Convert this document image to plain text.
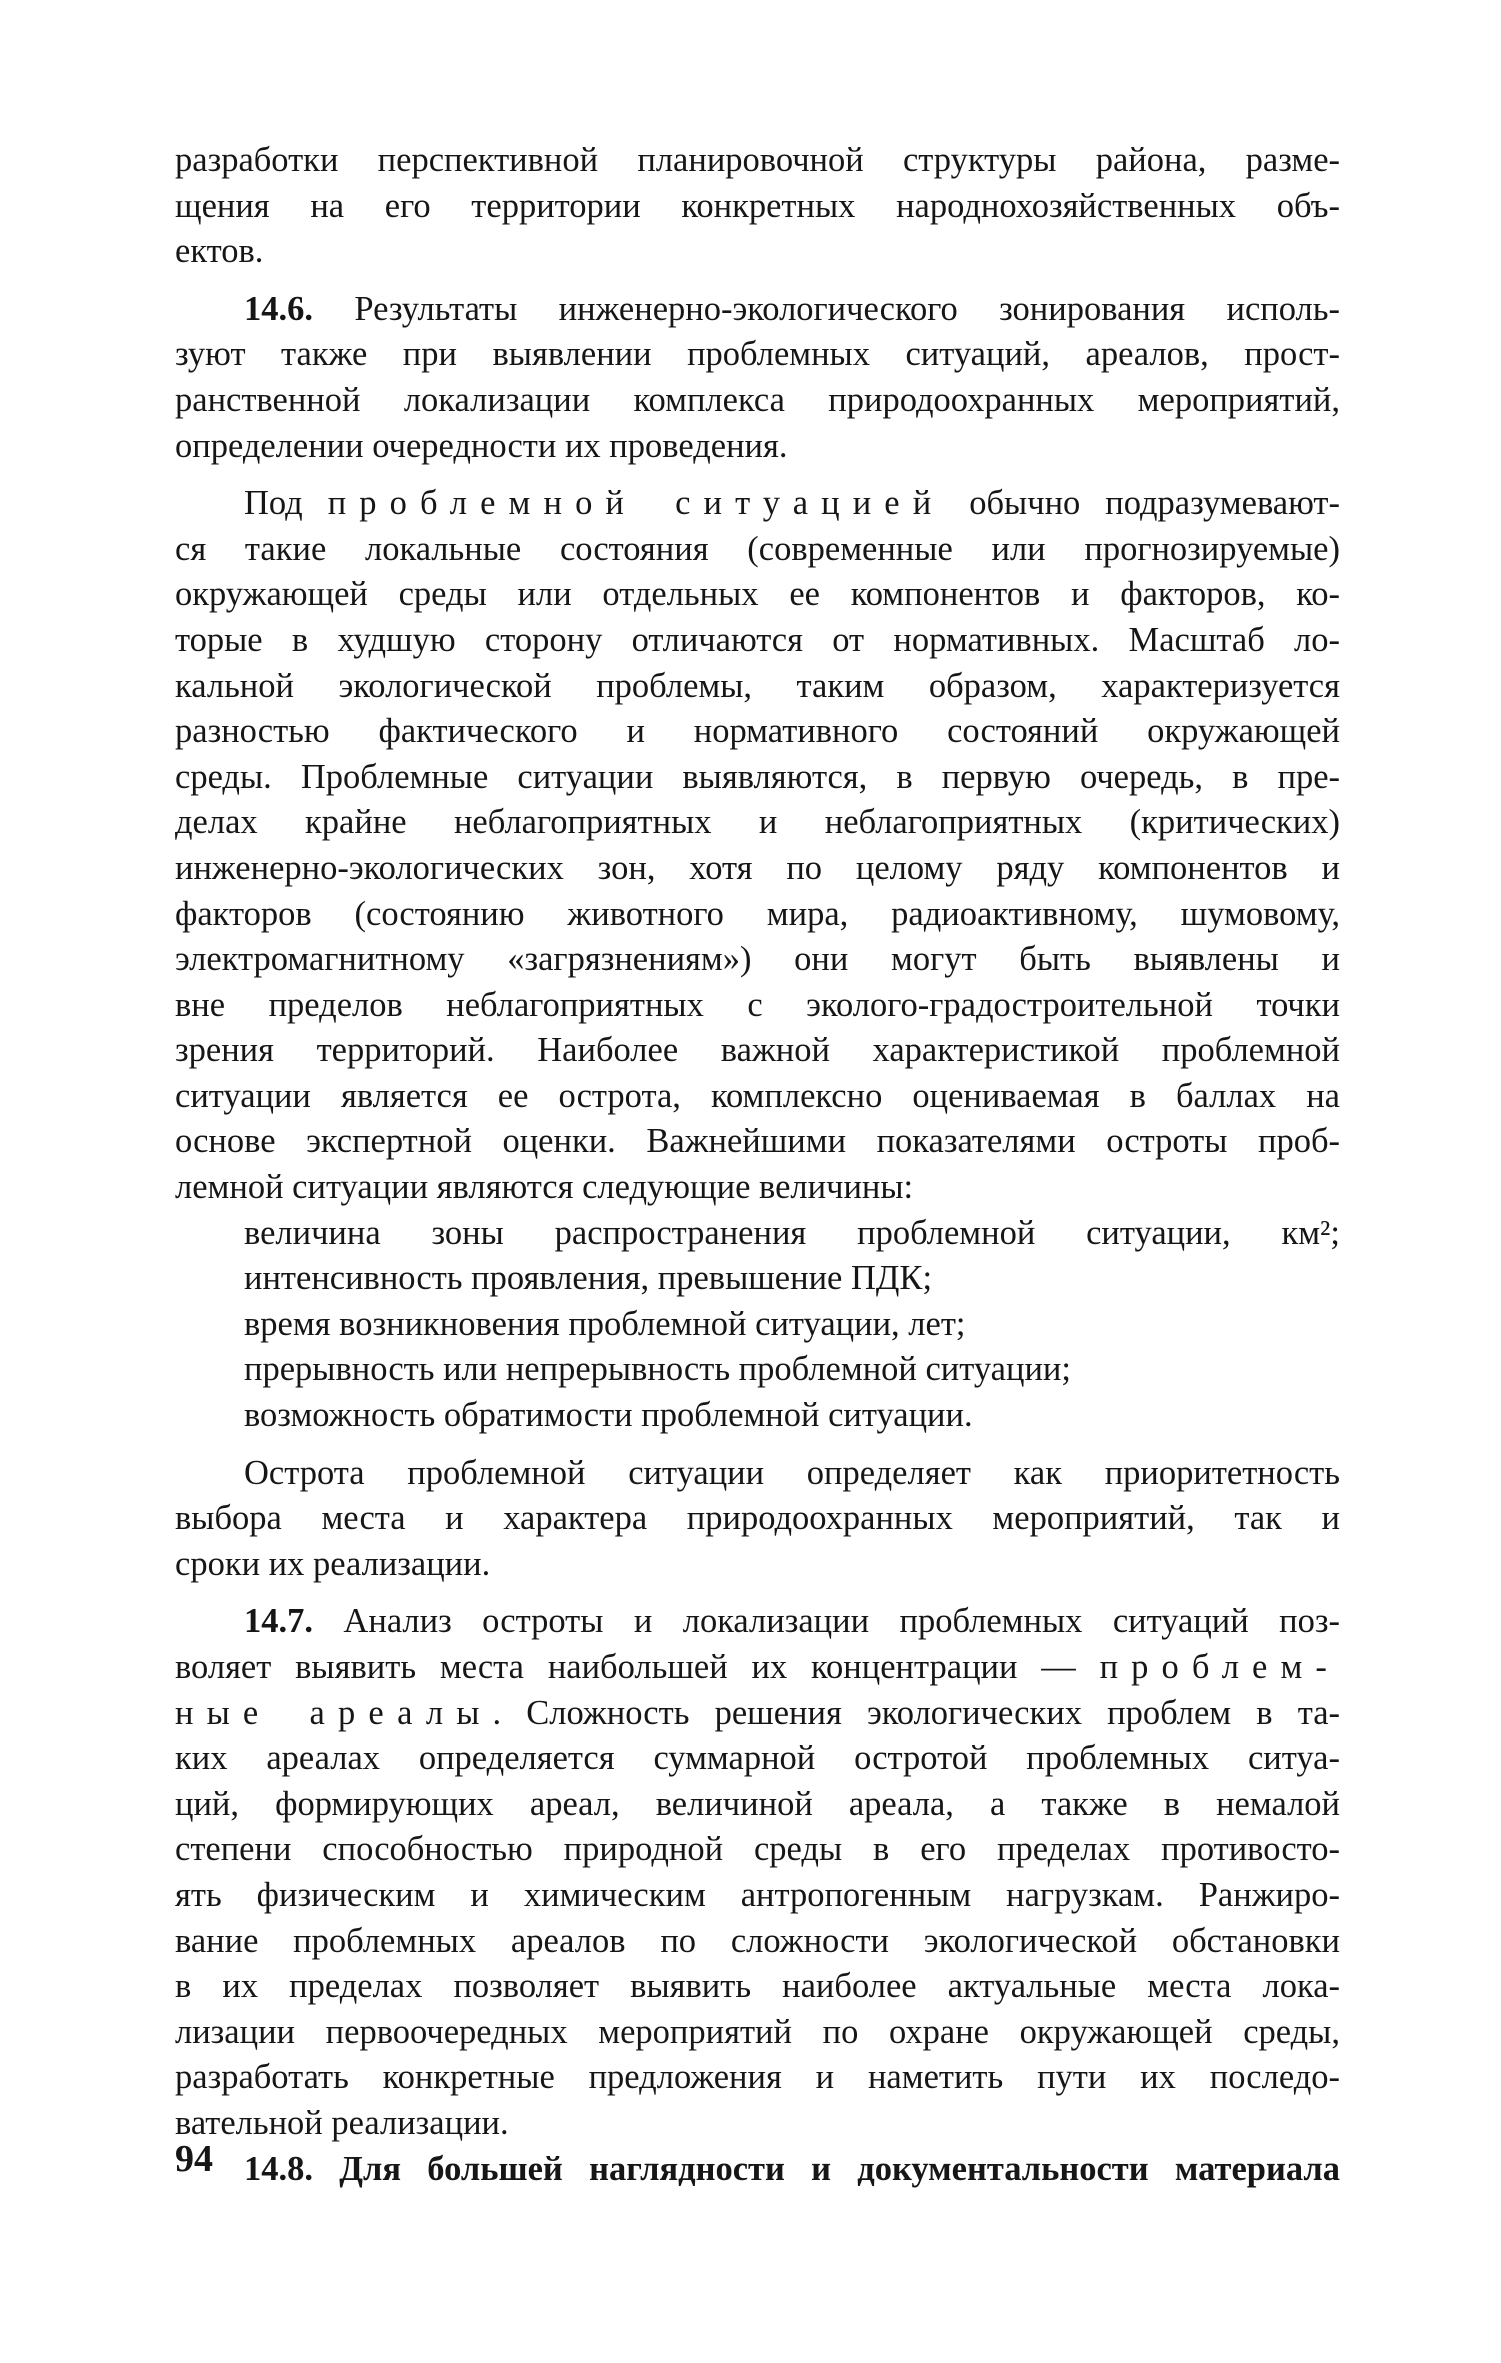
разработки перспективной планировочной структуры района, разме-
щения на его территории конкретных народнохозяйственных объ-
ектов.
14.6. Результаты инженерно-экологического зонирования исполь-
зуют также при выявлении проблемных ситуаций, ареалов, прост-
ранственной локализации комплекса природоохранных мероприятий,
определении очередности их проведения.
Под проблемной ситуацией обычно подразумевают-
ся такие локальные состояния (современные или прогнозируемые)
окружающей среды или отдельных ее компонентов и факторов, ко-
торые в худшую сторону отличаются от нормативных. Масштаб ло-
кальной экологической проблемы, таким образом, характеризуется
разностью фактического и нормативного состояний окружающей
среды. Проблемные ситуации выявляются, в первую очередь, в пре-
делах крайне неблагоприятных и неблагоприятных (критических)
инженерно-экологических зон, хотя по целому ряду компонентов и
факторов (состоянию животного мира, радиоактивному, шумовому,
электромагнитному «загрязнениям») они могут быть выявлены и
вне пределов неблагоприятных с эколого-градостроительной точки
зрения территорий. Наиболее важной характеристикой проблемной
ситуации является ее острота, комплексно оцениваемая в баллах на
основе экспертной оценки. Важнейшими показателями остроты проб-
лемной ситуации являются следующие величины:
величина зоны распространения проблемной ситуации, км²;
интенсивность проявления, превышение ПДК;
время возникновения проблемной ситуации, лет;
прерывность или непрерывность проблемной ситуации;
возможность обратимости проблемной ситуации.
Острота проблемной ситуации определяет как приоритетность
выбора места и характера природоохранных мероприятий, так и
сроки их реализации.
14.7. Анализ остроты и локализации проблемных ситуаций поз-
воляет выявить места наибольшей их концентрации — проблем-
ные ареалы. Сложность решения экологических проблем в та-
ких ареалах определяется суммарной остротой проблемных ситуа-
ций, формирующих ареал, величиной ареала, а также в немалой
степени способностью природной среды в его пределах противосто-
ять физическим и химическим антропогенным нагрузкам. Ранжиро-
вание проблемных ареалов по сложности экологической обстановки
в их пределах позволяет выявить наиболее актуальные места лока-
лизации первоочередных мероприятий по охране окружающей среды,
разработать конкретные предложения и наметить пути их последо-
вательной реализации.
14.8. Для большей наглядности и документальности материала
94
